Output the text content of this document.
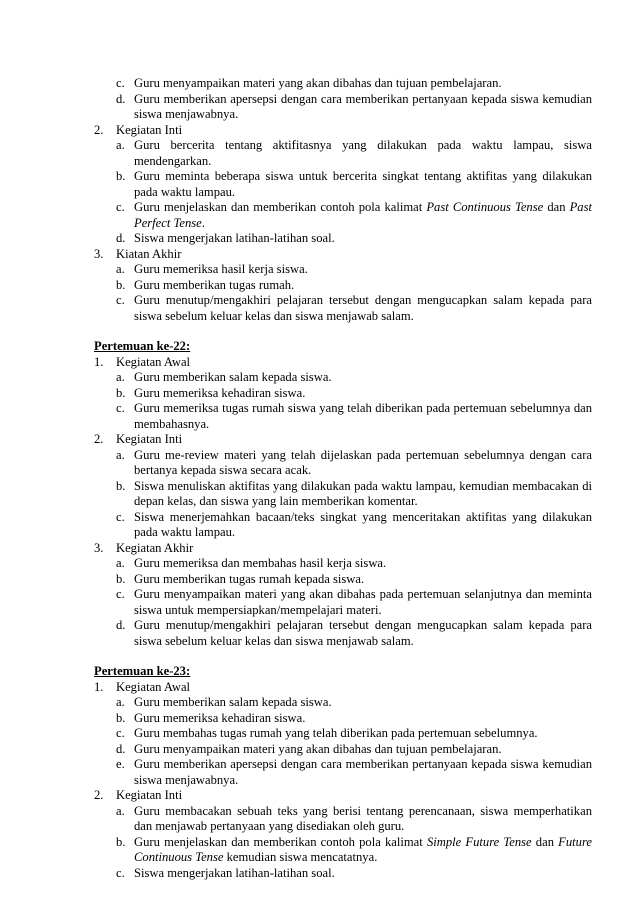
c. Guru menyampaikan materi yang akan dibahas dan tujuan pembelajaran.
d. Guru memberikan apersepsi dengan cara memberikan pertanyaan kepada siswa kemudian siswa menjawabnya.
2. Kegiatan Inti
a. Guru bercerita tentang aktifitasnya yang dilakukan pada waktu lampau, siswa mendengarkan.
b. Guru meminta beberapa siswa untuk bercerita singkat tentang aktifitas yang dilakukan pada waktu lampau.
c. Guru menjelaskan dan memberikan contoh pola kalimat Past Continuous Tense dan Past Perfect Tense.
d. Siswa mengerjakan latihan-latihan soal.
3. Kiatan Akhir
a. Guru memeriksa hasil kerja siswa.
b. Guru memberikan tugas rumah.
c. Guru menutup/mengakhiri pelajaran tersebut dengan mengucapkan salam kepada para siswa sebelum keluar kelas dan siswa menjawab salam.
Pertemuan ke-22:
1. Kegiatan Awal
a. Guru memberikan salam kepada siswa.
b. Guru memeriksa kehadiran siswa.
c. Guru memeriksa tugas rumah siswa yang telah diberikan pada pertemuan sebelumnya dan membahasnya.
2. Kegiatan Inti
a. Guru me-review materi yang telah dijelaskan pada pertemuan sebelumnya dengan cara bertanya kepada siswa secara acak.
b. Siswa menuliskan aktifitas yang dilakukan pada waktu lampau, kemudian membacakan di depan kelas, dan siswa yang lain memberikan komentar.
c. Siswa menerjemahkan bacaan/teks singkat yang menceritakan aktifitas yang dilakukan pada waktu lampau.
3. Kegiatan Akhir
a. Guru memeriksa dan membahas hasil kerja siswa.
b. Guru memberikan tugas rumah kepada siswa.
c. Guru menyampaikan materi yang akan dibahas pada pertemuan selanjutnya dan meminta siswa untuk mempersiapkan/mempelajari materi.
d. Guru menutup/mengakhiri pelajaran tersebut dengan mengucapkan salam kepada para siswa sebelum keluar kelas dan siswa menjawab salam.
Pertemuan ke-23:
1. Kegiatan Awal
a. Guru memberikan salam kepada siswa.
b. Guru memeriksa kehadiran siswa.
c. Guru membahas tugas rumah yang telah diberikan pada pertemuan sebelumnya.
d. Guru menyampaikan materi yang akan dibahas dan tujuan pembelajaran.
e. Guru memberikan apersepsi dengan cara memberikan pertanyaan kepada siswa kemudian siswa menjawabnya.
2. Kegiatan Inti
a. Guru membacakan sebuah teks yang berisi tentang perencanaan, siswa memperhatikan dan menjawab pertanyaan yang disediakan oleh guru.
b. Guru menjelaskan dan memberikan contoh pola kalimat Simple Future Tense dan Future Continuous Tense kemudian siswa mencatatnya.
c. Siswa mengerjakan latihan-latihan soal.
